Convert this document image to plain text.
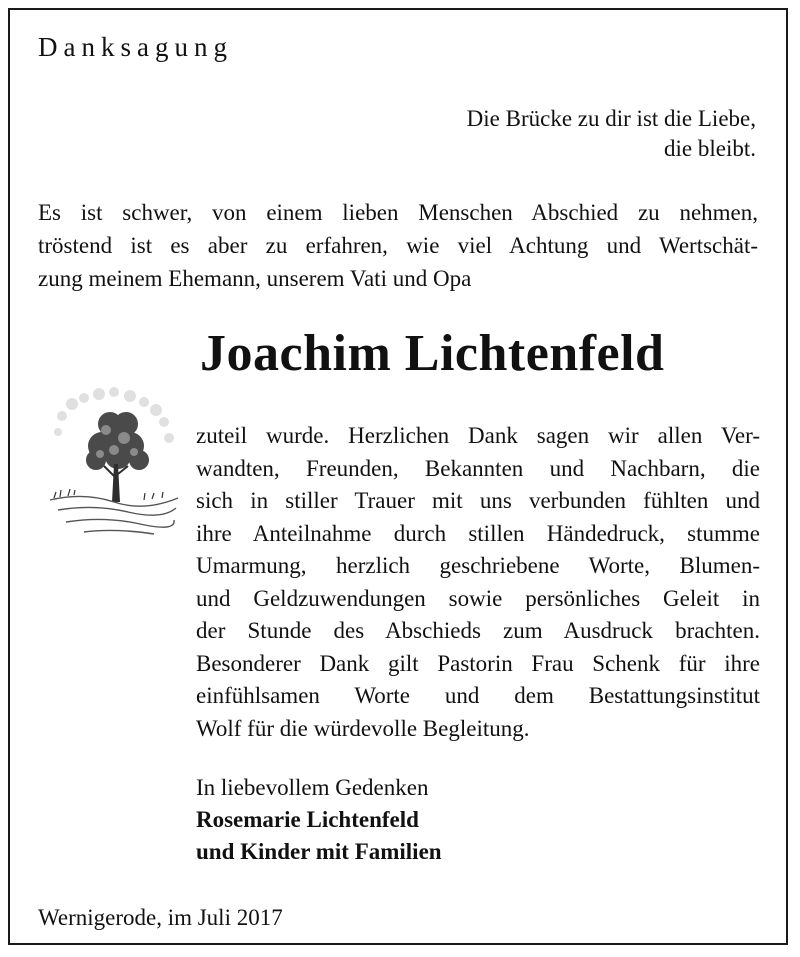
Danksagung
Die Brücke zu dir ist die Liebe,
die bleibt.
Es ist schwer, von einem lieben Menschen Abschied zu nehmen,
tröstend ist es aber zu erfahren, wie viel Achtung und Wertschät-
zung meinem Ehemann, unserem Vati und Opa
Joachim Lichtenfeld
zuteil wurde. Herzlichen Dank sagen wir allen Ver-
wandten, Freunden, Bekannten und Nachbarn, die
sich in stiller Trauer mit uns verbunden fühlten und
ihre Anteilnahme durch stillen Händedruck, stumme
Umarmung, herzlich geschriebene Worte, Blumen-
und Geldzuwendungen sowie persönliches Geleit in
der Stunde des Abschieds zum Ausdruck brachten.
Besonderer Dank gilt Pastorin Frau Schenk für ihre
einfühlsamen Worte und dem Bestattungsinstitut
Wolf für die würdevolle Begleitung.
In liebevollem Gedenken
Rosemarie Lichtenfeld
und Kinder mit Familien
Wernigerode, im Juli 2017
